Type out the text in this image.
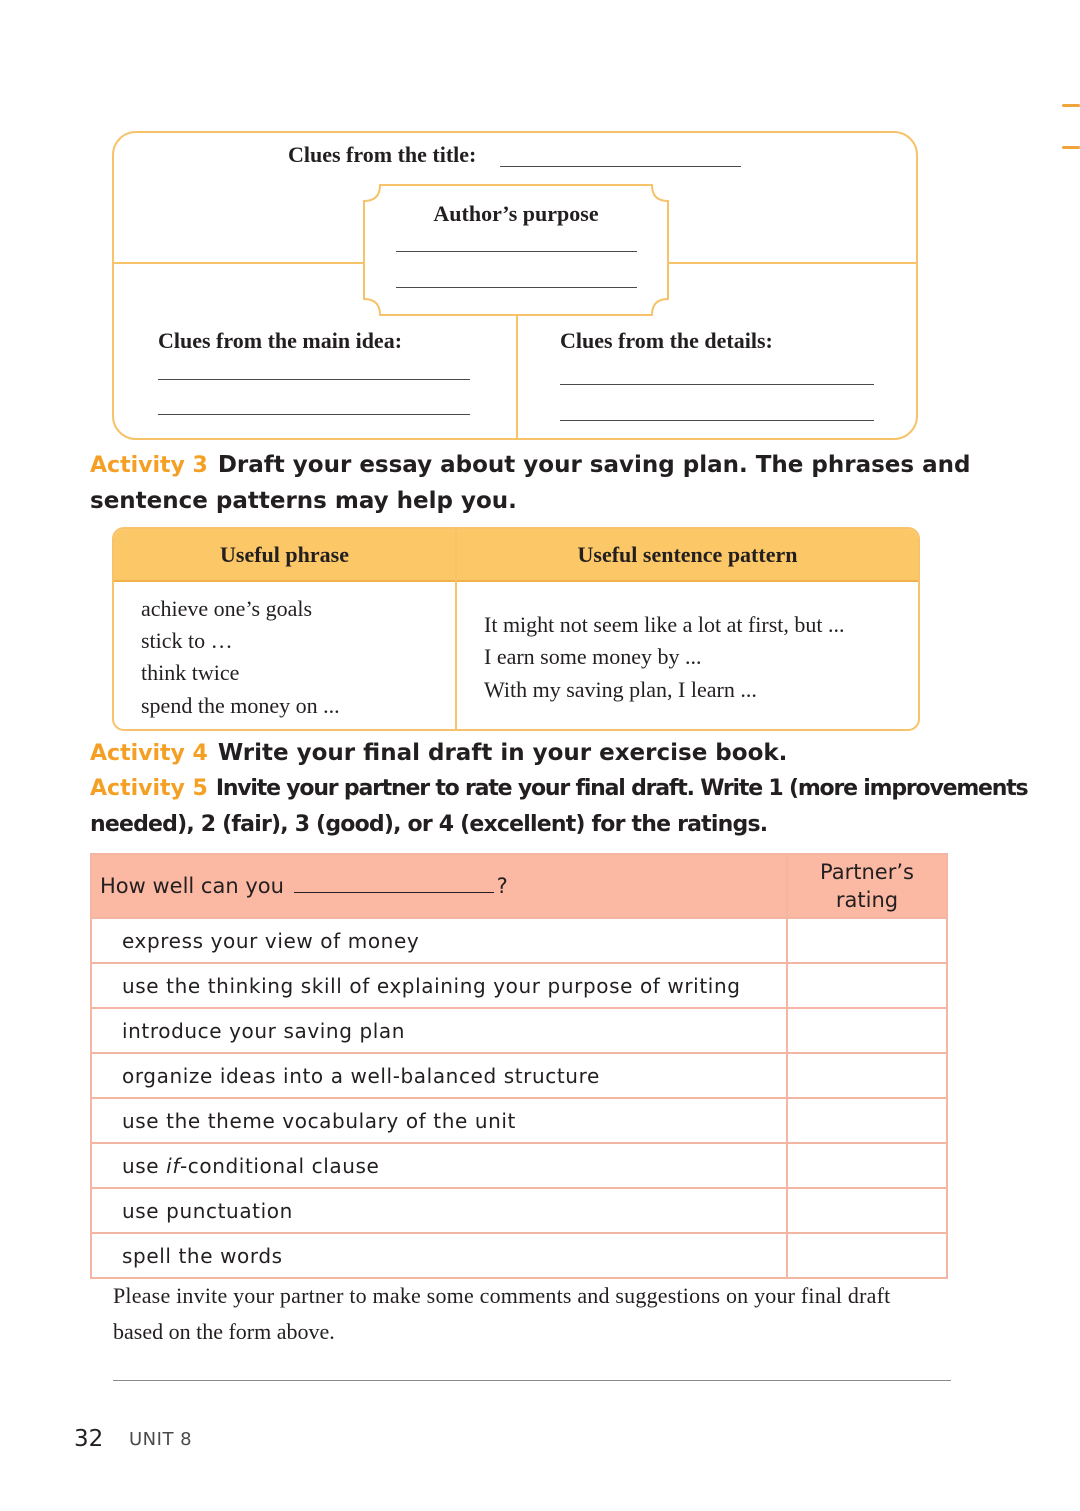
Clues from the title:
Author’s purpose
Clues from the main idea:	Clues from the details:
Activity 3 Draft your essay about your saving plan. The phrases and
sentence patterns may help you.
Useful phrase	Useful sentence pattern
achieve one’s goals
stick to …
think twice
spend the money on ...
It might not seem like a lot at first, but ...
I earn some money by ...
With my saving plan, I learn ...
Activity 4 Write your final draft in your exercise book.
Activity 5 Invite your partner to rate your final draft. Write 1 (more improvements
needed), 2 (fair), 3 (good), or 4 (excellent) for the ratings.
How well can you ?	Partner’s
rating

express your view of money	
use the thinking skill of explaining your purpose of writing	
introduce your saving plan	
organize ideas into a well-balanced structure	
use the theme vocabulary of the unit	
use if-conditional clause	
use punctuation	
spell the words	
Please invite your partner to make some comments and suggestions on your final draft
based on the form above.
32 UNIT 8
